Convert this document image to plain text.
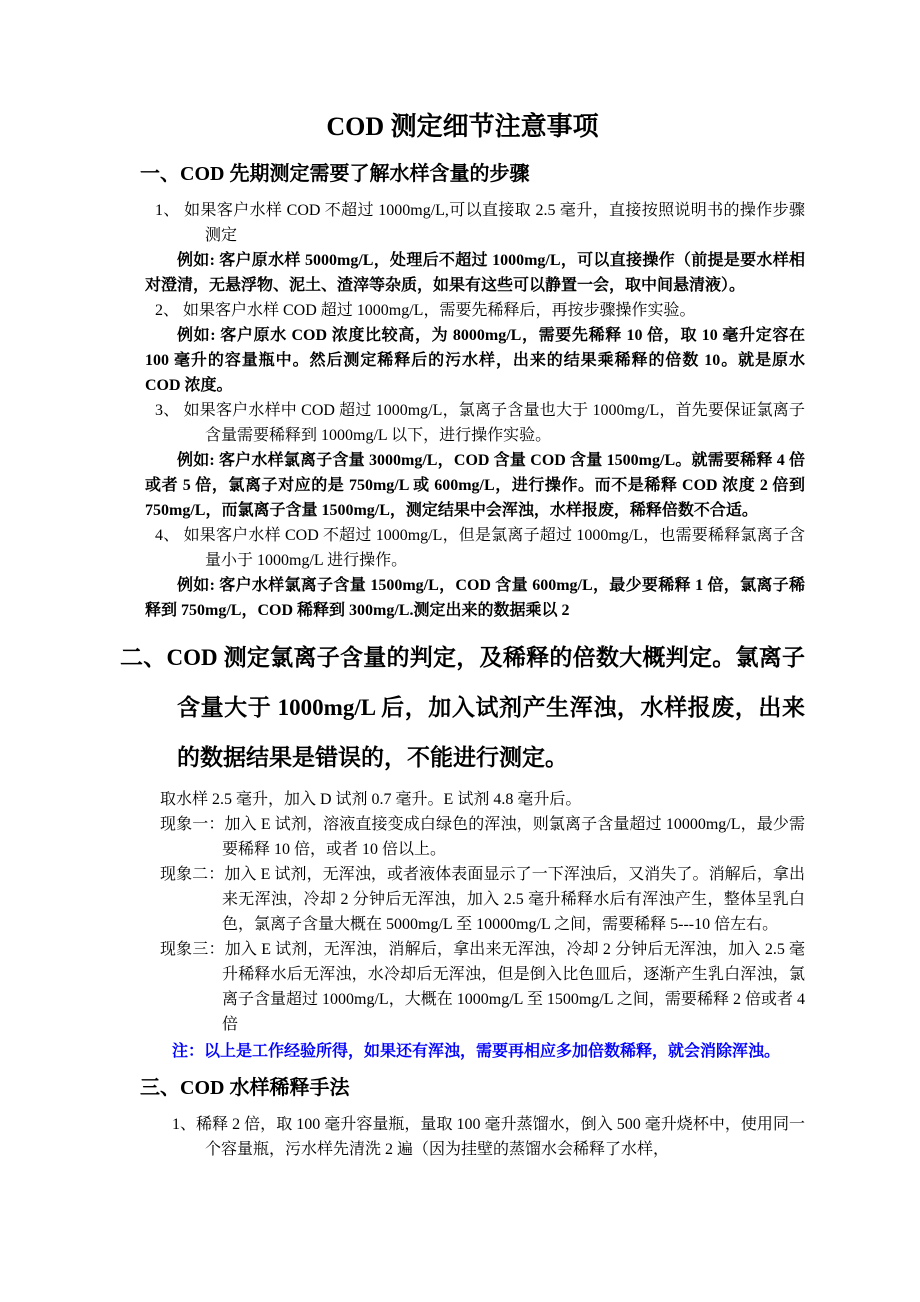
COD 测定细节注意事项
一、COD 先期测定需要了解水样含量的步骤

1、 如果客户水样 COD 不超过 1000mg/L,可以直接取 2.5 毫升，直接按照说明书的操作步骤测定

例如: 客户原水样 5000mg/L，处理后不超过 1000mg/L，可以直接操作（前提是要水样相对澄清，无悬浮物、泥土、渣滓等杂质，如果有这些可以静置一会，取中间悬清液）。

2、 如果客户水样 COD 超过 1000mg/L，需要先稀释后，再按步骤操作实验。

例如: 客户原水 COD 浓度比较高，为 8000mg/L，需要先稀释 10 倍，取 10 毫升定容在 100 毫升的容量瓶中。然后测定稀释后的污水样，出来的结果乘稀释的倍数 10。就是原水 COD 浓度。

3、 如果客户水样中 COD 超过 1000mg/L，氯离子含量也大于 1000mg/L，首先要保证氯离子含量需要稀释到 1000mg/L 以下，进行操作实验。

例如: 客户水样氯离子含量 3000mg/L，COD 含量 COD 含量 1500mg/L。就需要稀释 4 倍或者 5 倍，氯离子对应的是 750mg/L 或 600mg/L，进行操作。而不是稀释 COD 浓度 2 倍到 750mg/L，而氯离子含量 1500mg/L，测定结果中会浑浊，水样报废，稀释倍数不合适。

4、 如果客户水样 COD 不超过 1000mg/L，但是氯离子超过 1000mg/L，也需要稀释氯离子含量小于 1000mg/L 进行操作。

例如: 客户水样氯离子含量 1500mg/L，COD 含量 600mg/L，最少要稀释 1 倍，氯离子稀释到 750mg/L，COD 稀释到 300mg/L.测定出来的数据乘以 2

二、COD 测定氯离子含量的判定，及稀释的倍数大概判定。氯离子含量大于 1000mg/L 后，加入试剂产生浑浊，水样报废，出来的数据结果是错误的，不能进行测定。

取水样 2.5 毫升，加入 D 试剂 0.7 毫升。E 试剂 4.8 毫升后。

现象一：加入 E 试剂，溶液直接变成白绿色的浑浊，则氯离子含量超过 10000mg/L，最少需要稀释 10 倍，或者 10 倍以上。

现象二：加入 E 试剂，无浑浊，或者液体表面显示了一下浑浊后，又消失了。消解后，拿出来无浑浊，冷却 2 分钟后无浑浊，加入 2.5 毫升稀释水后有浑浊产生，整体呈乳白色，氯离子含量大概在 5000mg/L 至 10000mg/L 之间，需要稀释 5---10 倍左右。

现象三：加入 E 试剂，无浑浊，消解后，拿出来无浑浊，冷却 2 分钟后无浑浊，加入 2.5 毫升稀释水后无浑浊，水冷却后无浑浊，但是倒入比色皿后，逐渐产生乳白浑浊，氯离子含量超过 1000mg/L，大概在 1000mg/L 至 1500mg/L 之间，需要稀释 2 倍或者 4 倍

注：以上是工作经验所得，如果还有浑浊，需要再相应多加倍数稀释，就会消除浑浊。

三、COD 水样稀释手法

1、稀释 2 倍，取 100 毫升容量瓶，量取 100 毫升蒸馏水，倒入 500 毫升烧杯中，使用同一个容量瓶，污水样先清洗 2 遍（因为挂壁的蒸馏水会稀释了水样，
